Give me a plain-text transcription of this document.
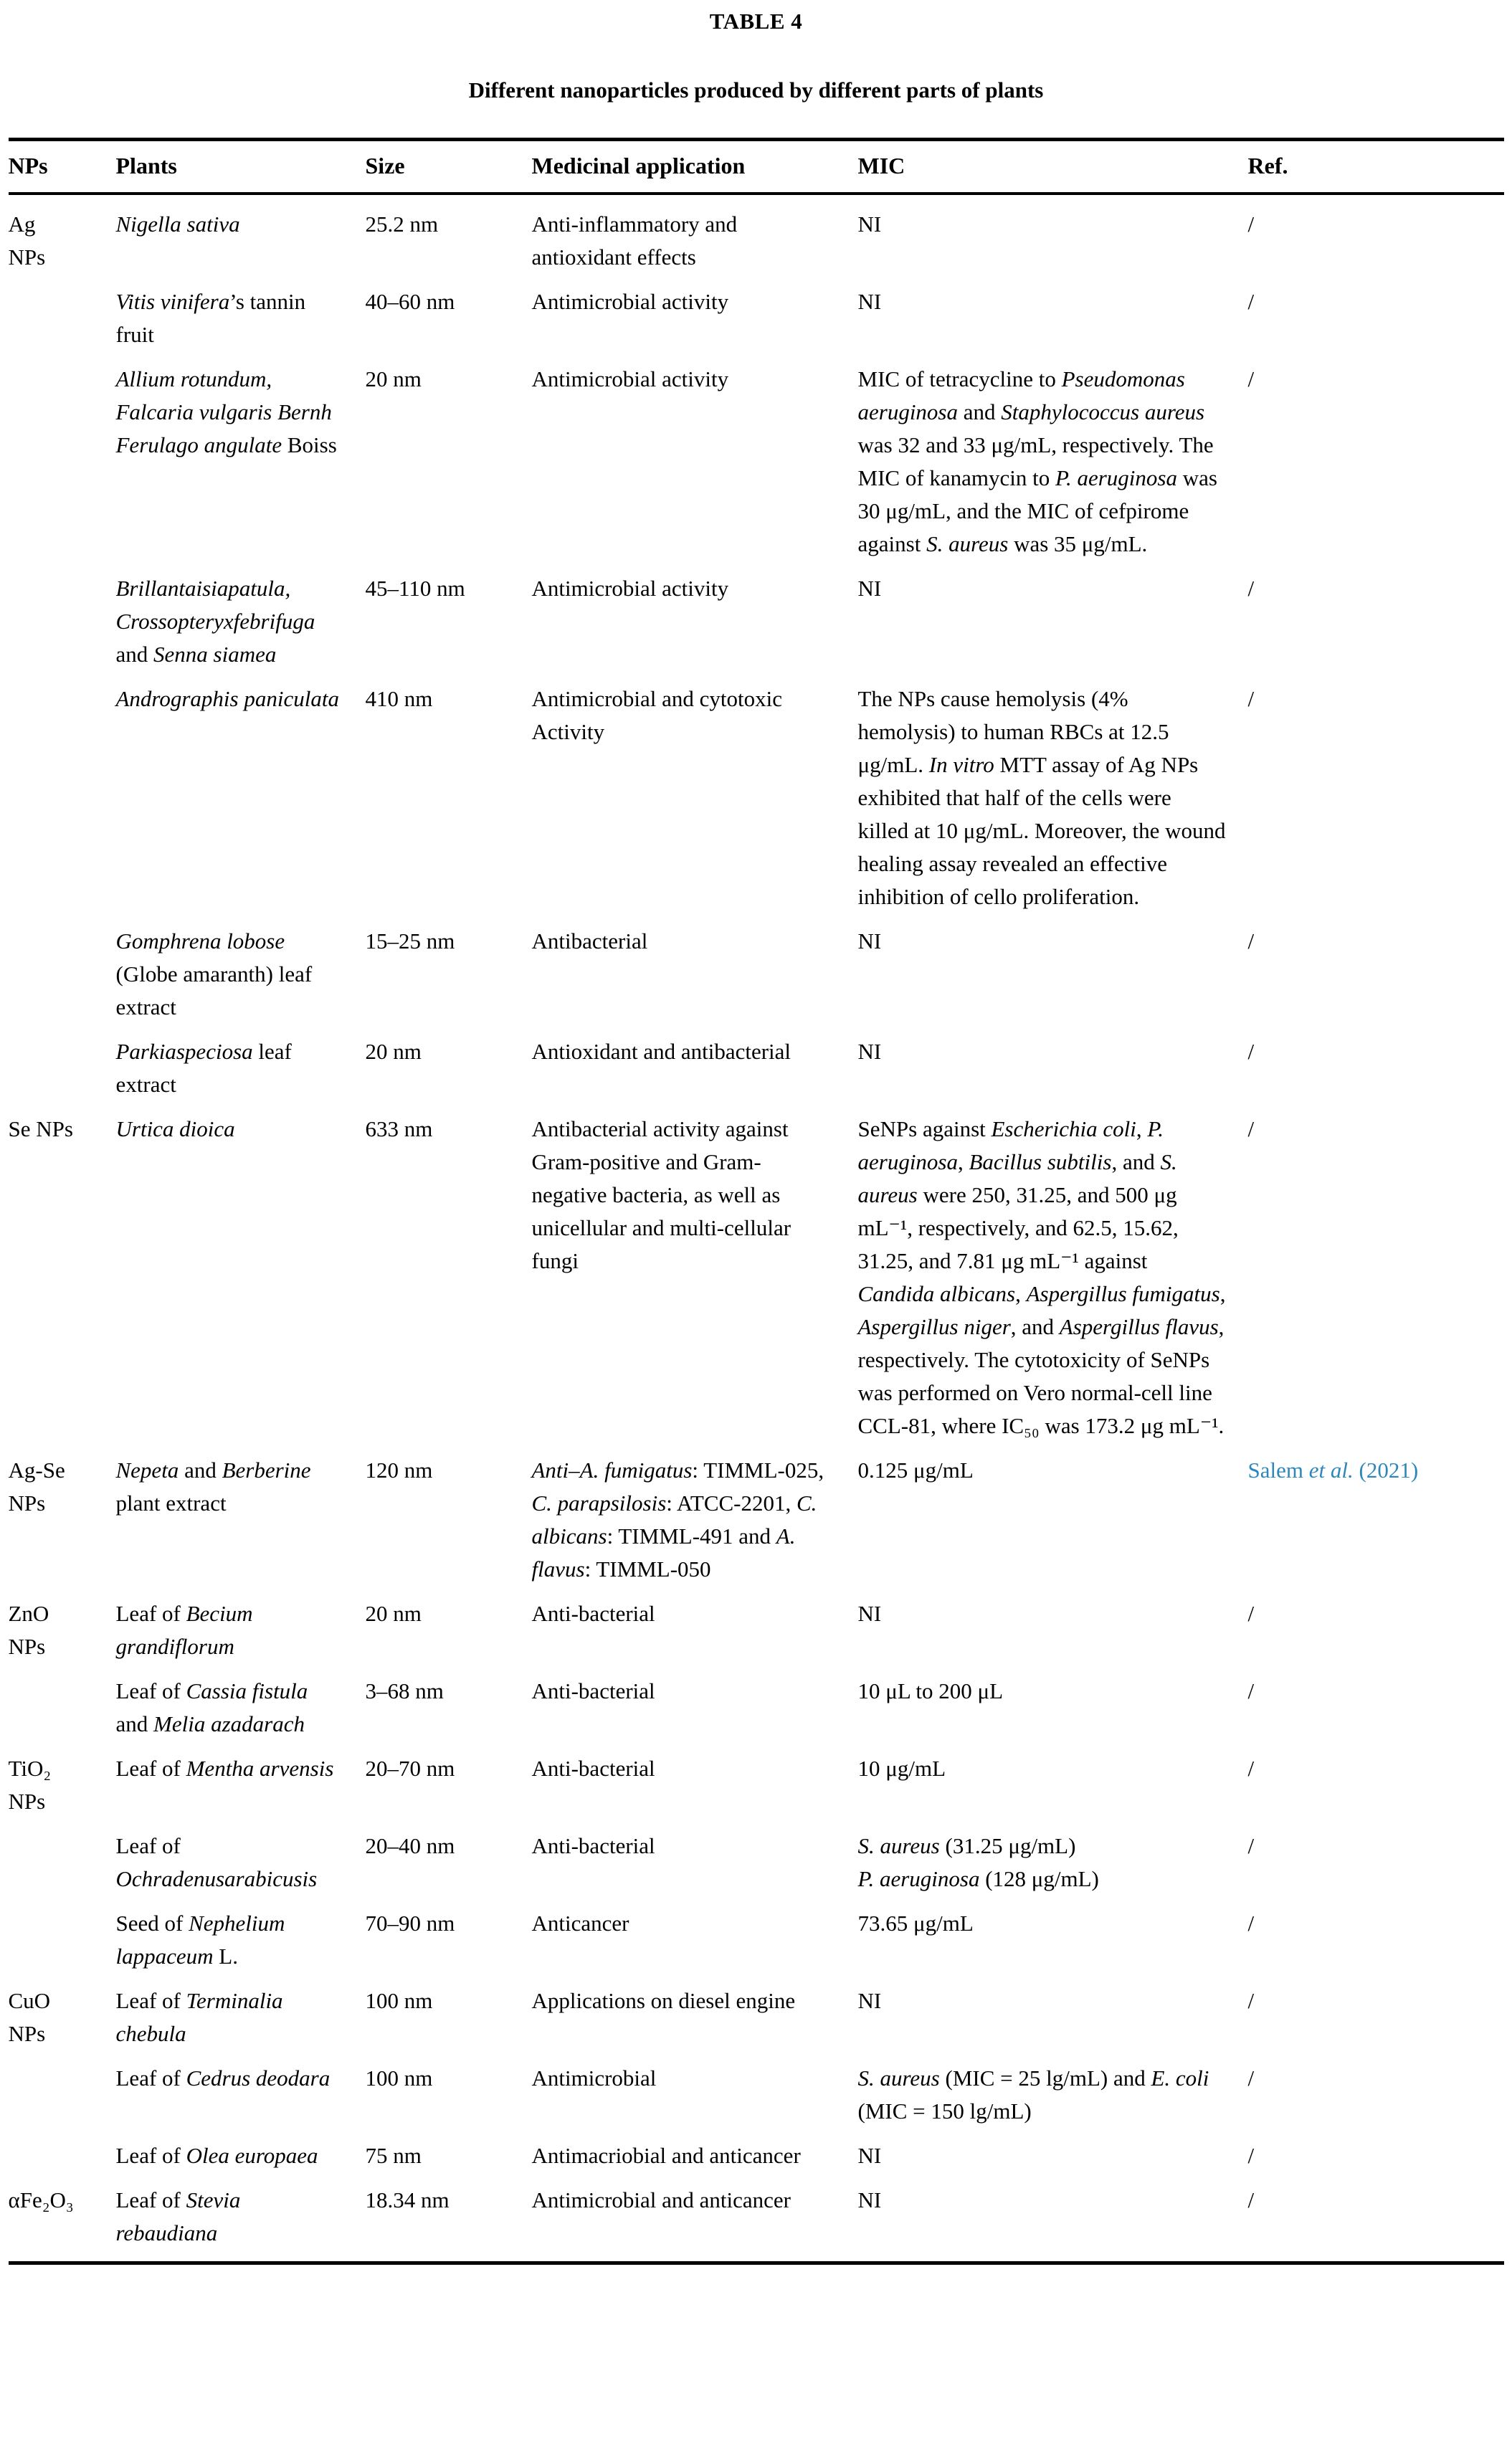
TABLE 4
Different nanoparticles produced by different parts of plants
NPs	Plants	Size	Medicinal application	MIC	Ref.
Ag
NPs	Nigella sativa	25.2 nm	Anti-inflammatory and antioxidant effects	NI	/
	Vitis vinifera’s tannin fruit	40–60 nm	Antimicrobial activity	NI	/
	Allium rotundum, Falcaria vulgaris Bernh Ferulago angulate Boiss	20 nm	Antimicrobial activity	MIC of tetracycline to Pseudomonas aeruginosa and Staphylococcus aureus was 32 and 33 μg/mL, respectively. The MIC of kanamycin to P. aeruginosa was 30 μg/mL, and the MIC of cefpirome against S. aureus was 35 μg/mL.	/
	Brillantaisiapatula, Crossopteryxfebrifuga and Senna siamea	45–110 nm	Antimicrobial activity	NI	/
	Andrographis paniculata	410 nm	Antimicrobial and cytotoxic Activity	The NPs cause hemolysis (4% hemolysis) to human RBCs at 12.5 μg/mL. In vitro MTT assay of Ag NPs exhibited that half of the cells were killed at 10 μg/mL. Moreover, the wound healing assay revealed an effective inhibition of cello proliferation.	/
	Gomphrena lobose (Globe amaranth) leaf extract	15–25 nm	Antibacterial	NI	/
	Parkiaspeciosa leaf extract	20 nm	Antioxidant and antibacterial	NI	/
Se NPs	Urtica dioica	633 nm	Antibacterial activity against Gram-positive and Gram-negative bacteria, as well as unicellular and multi-cellular fungi	SeNPs against Escherichia coli, P. aeruginosa, Bacillus subtilis, and S. aureus were 250, 31.25, and 500 μg mL⁻¹, respectively, and 62.5, 15.62, 31.25, and 7.81 μg mL⁻¹ against Candida albicans, Aspergillus fumigatus, Aspergillus niger, and Aspergillus flavus, respectively. The cytotoxicity of SeNPs was performed on Vero normal-cell line CCL-81, where IC₅₀ was 173.2 μg mL⁻¹.	/
Ag-Se
NPs	Nepeta and Berberine plant extract	120 nm	Anti–A. fumigatus: TIMML-025, C. parapsilosis: ATCC-2201, C. albicans: TIMML-491 and A. flavus: TIMML-050	0.125 μg/mL	Salem et al. (2021)
ZnO
NPs	Leaf of Becium grandiflorum	20 nm	Anti-bacterial	NI	/
	Leaf of Cassia fistula and Melia azadarach	3–68 nm	Anti-bacterial	10 μL to 200 μL	/
TiO₂
NPs	Leaf of Mentha arvensis	20–70 nm	Anti-bacterial	10 μg/mL	/
	Leaf of Ochradenusarabicusis	20–40 nm	Anti-bacterial	S. aureus (31.25 μg/mL)
P. aeruginosa (128 μg/mL)	/
	Seed of Nephelium lappaceum L.	70–90 nm	Anticancer	73.65 μg/mL	/
CuO
NPs	Leaf of Terminalia chebula	100 nm	Applications on diesel engine	NI	/
	Leaf of Cedrus deodara	100 nm	Antimicrobial	S. aureus (MIC = 25 lg/mL) and E. coli (MIC = 150 lg/mL)	/
	Leaf of Olea europaea	75 nm	Antimacriobial and anticancer	NI	/
αFe₂O₃	Leaf of Stevia rebaudiana	18.34 nm	Antimicrobial and anticancer	NI	/
